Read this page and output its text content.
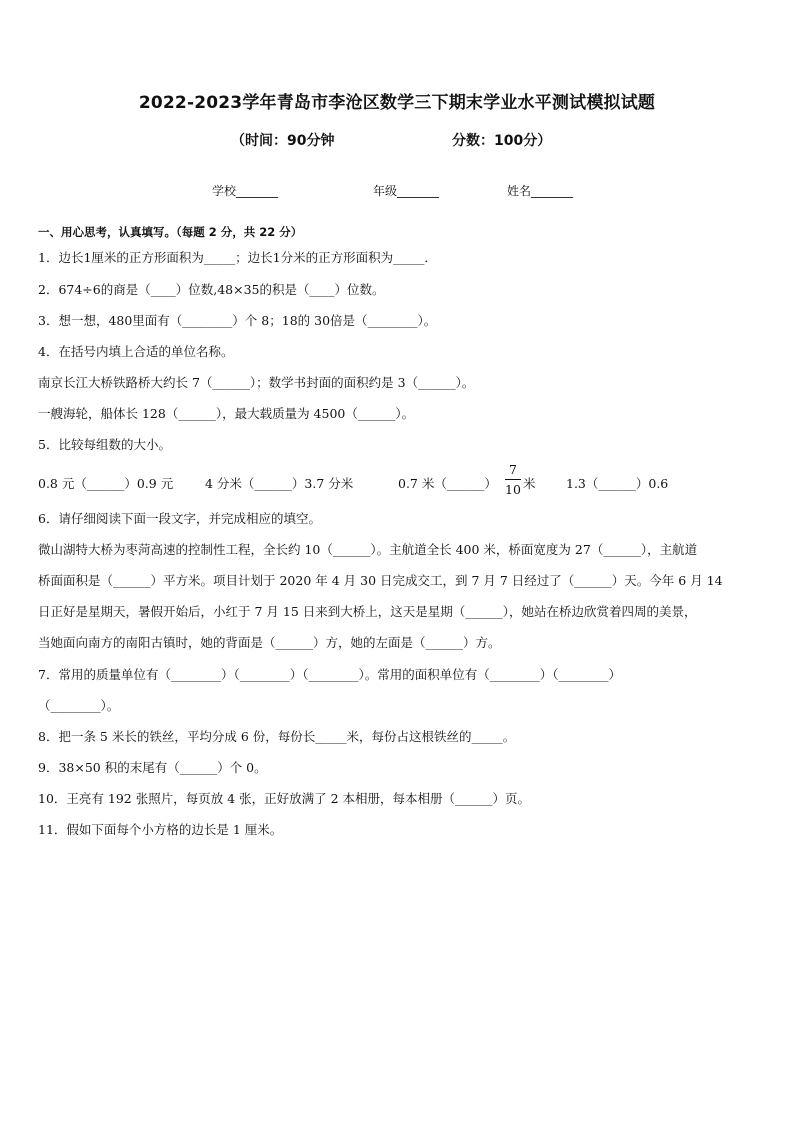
2022-2023学年青岛市李沧区数学三下期末学业水平测试模拟试题
（时间：90分钟	分数：100分）
学校_______	年级_______	姓名_______
一、用心思考，认真填写。（每题 2 分，共 22 分）
1．边长1厘米的正方形面积为_____；边长1分米的正方形面积为_____．
2．674÷6的商是（____）位数,48×35的积是（____）位数。
3．想一想，480里面有（________）个 8；18的 30倍是（________）。
4．在括号内填上合适的单位名称。
南京长江大桥铁路桥大约长 7（______）；数学书封面的面积约是 3（______）。
一艘海轮，船体长 128（______），最大载质量为 4500（______）。
5．比较每组数的大小。
0.8 元（______）0.9 元	4 分米（______）3.7 分米	0.7 米（______）
7
10 米 1.3（______）0.6
6．请仔细阅读下面一段文字，并完成相应的填空。
微山湖特大桥为枣菏高速的控制性工程，全长约 10（______）。主航道全长 400 米，桥面宽度为 27（______），主航道
桥面面积是（______）平方米。项目计划于 2020 年 4 月 30 日完成交工，到 7 月 7 日经过了（______）天。今年 6 月 14
日正好是星期天，暑假开始后，小红于 7 月 15 日来到大桥上，这天是星期（______），她站在桥边欣赏着四周的美景，
当她面向南方的南阳古镇时，她的背面是（______）方，她的左面是（______）方。
7．常用的质量单位有（________）（________）（________）。常用的面积单位有（________）（________）
（________）。
8．把一条 5 米长的铁丝，平均分成 6 份，每份长_____米，每份占这根铁丝的_____。
9．38×50 积的末尾有（______）个 0。
10．王亮有 192 张照片，每页放 4 张，正好放满了 2 本相册，每本相册（______）页。
11．假如下面每个小方格的边长是 1 厘米。
